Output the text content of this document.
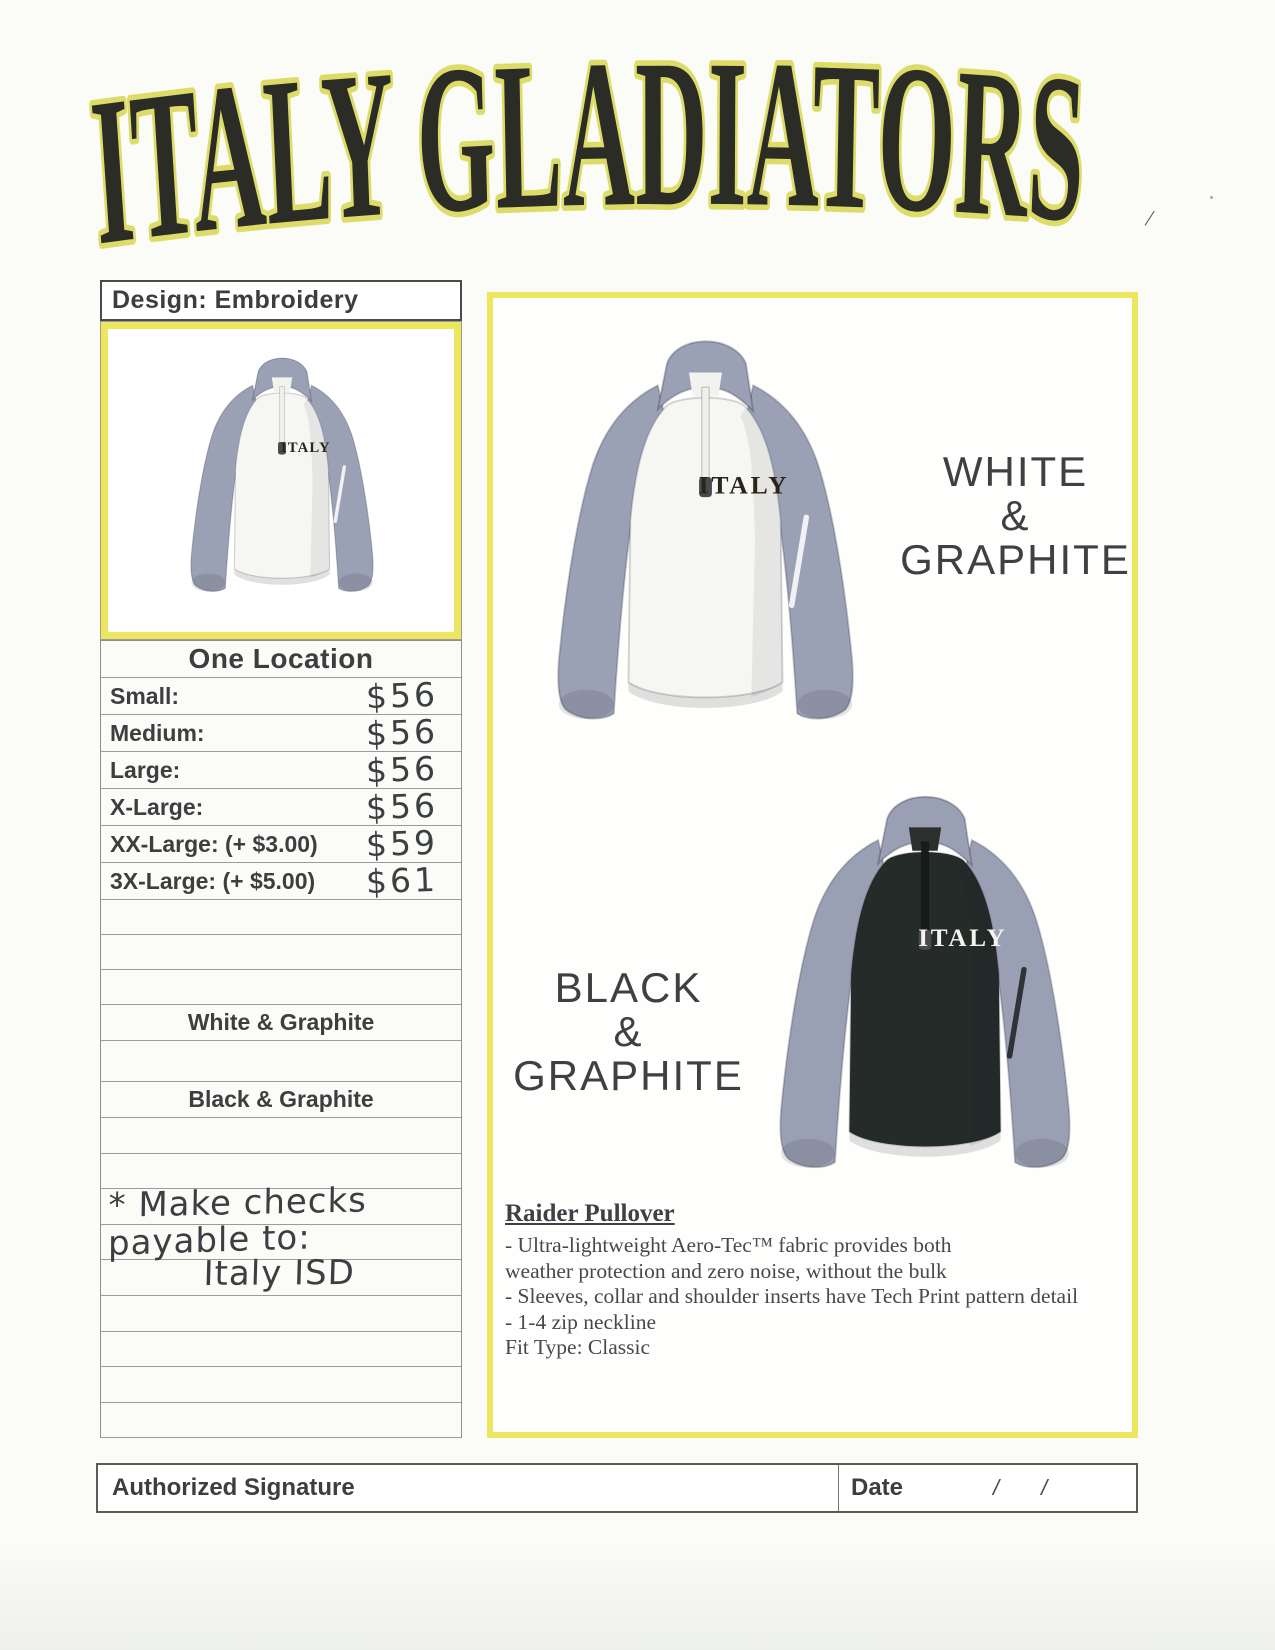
ITALY GLADIATORS /
Design: Embroidery
ITALY
One Location
Small:	$56
Medium:	$56
Large:	$56
X-Large:	$56
XX-Large: (+ $3.00)	$59
3X-Large: (+ $5.00)	$61
White & Graphite
Black & Graphite
* Make checks
payable to:
Italy ISD
ITALY	WHITE
&
GRAPHITE
ITALY
BLACK
&
GRAPHITE
Raider Pullover
- Ultra-lightweight Aero-Tec™ fabric provides both
weather protection and zero noise, without the bulk
- Sleeves, collar and shoulder inserts have Tech Print pattern detail
- 1-4 zip neckline
Fit Type: Classic
Authorized Signature	Date	/ /
